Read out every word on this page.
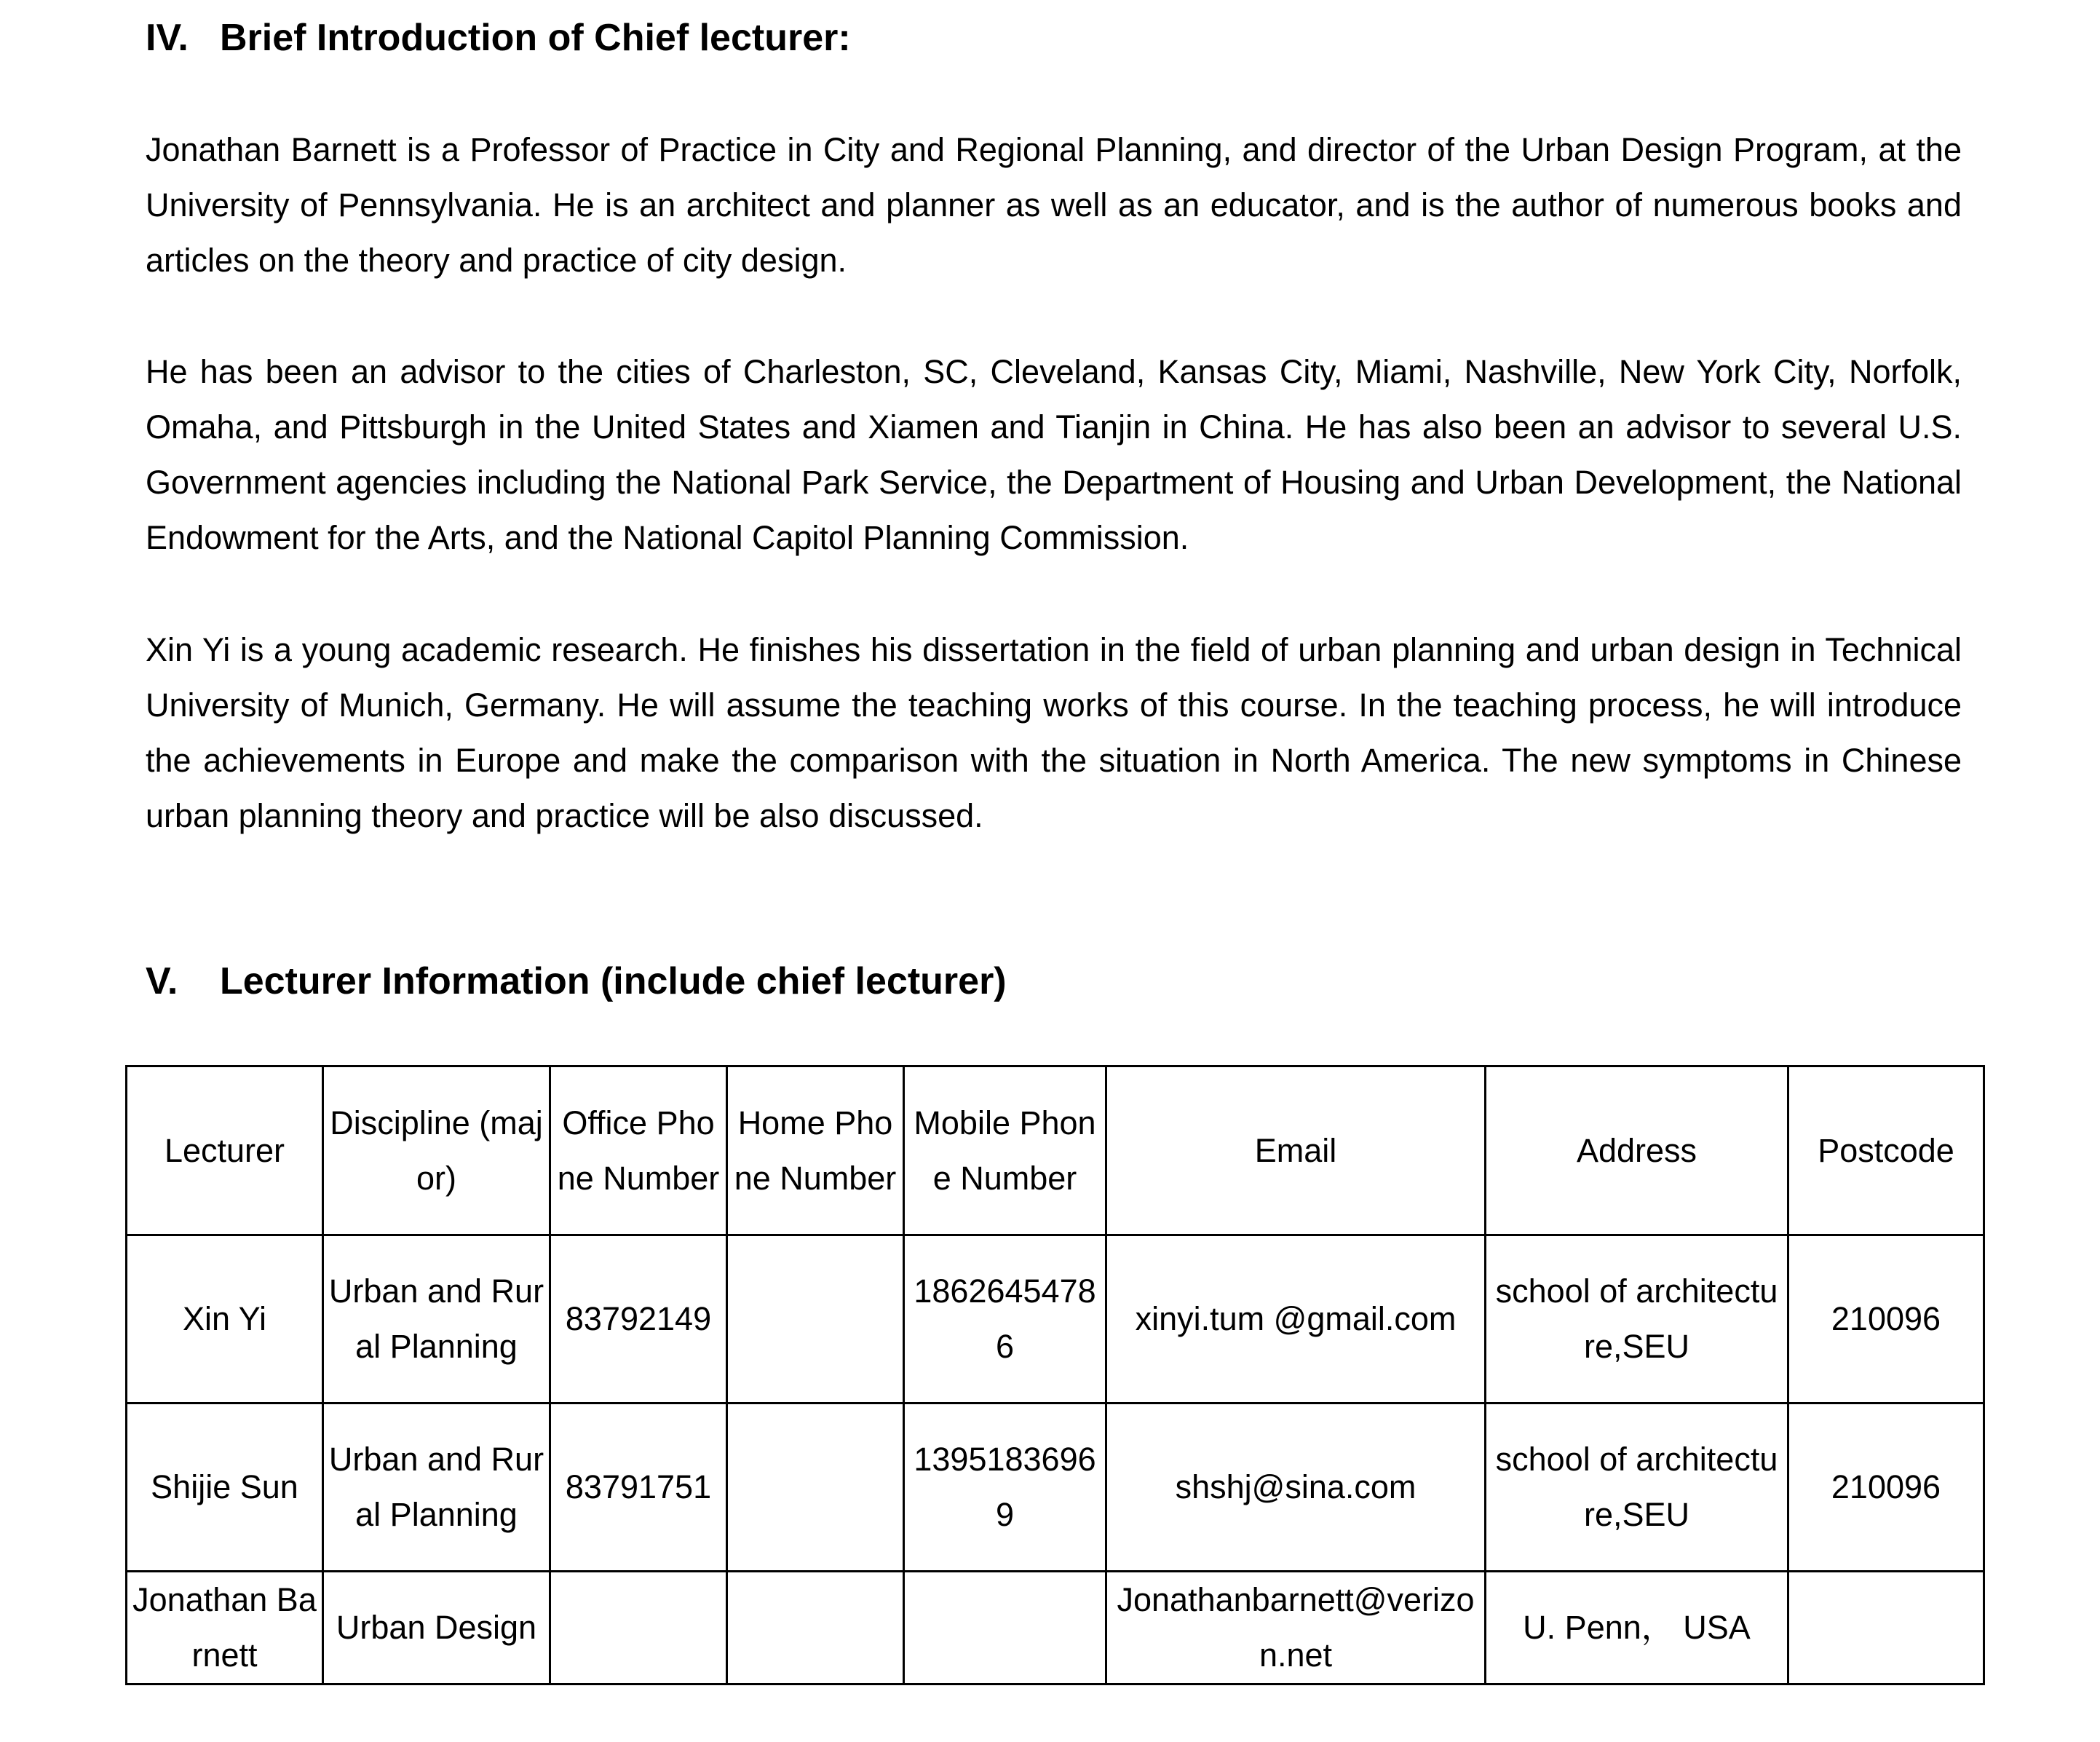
IV. Brief Introduction of Chief lecturer:

Jonathan Barnett is a Professor of Practice in City and Regional Planning, and director of the Urban Design Program, at the University of Pennsylvania. He is an architect and planner as well as an educator, and is the author of numerous books and articles on the theory and practice of city design.

He has been an advisor to the cities of Charleston, SC, Cleveland, Kansas City, Miami, Nashville, New York City, Norfolk, Omaha, and Pittsburgh in the United States and Xiamen and Tianjin in China. He has also been an advisor to several U.S. Government agencies including the National Park Service, the Department of Housing and Urban Development, the National Endowment for the Arts, and the National Capitol Planning Commission.

Xin Yi is a young academic research. He finishes his dissertation in the field of urban planning and urban design in Technical University of Munich, Germany. He will assume the teaching works of this course. In the teaching process, he will introduce the achievements in Europe and make the comparison with the situation in North America. The new symptoms in Chinese urban planning theory and practice will be also discussed.

V. Lecturer Information (include chief lecturer)
Lecturer	Discipline (major)	Office Phone Number	Home Phone Number	Mobile Phone Number	Email	Address	Postcode
Xin Yi	Urban and Rural Planning	83792149		18626454786	xinyi.tum @gmail.com	school of architecture,SEU	210096
Shijie Sun	Urban and Rural Planning	83791751		13951836969	shshj@sina.com	school of architecture,SEU	210096
Jonathan Barnett	Urban Design				Jonathanbarnett@verizon.net	U. Penn， USA	
